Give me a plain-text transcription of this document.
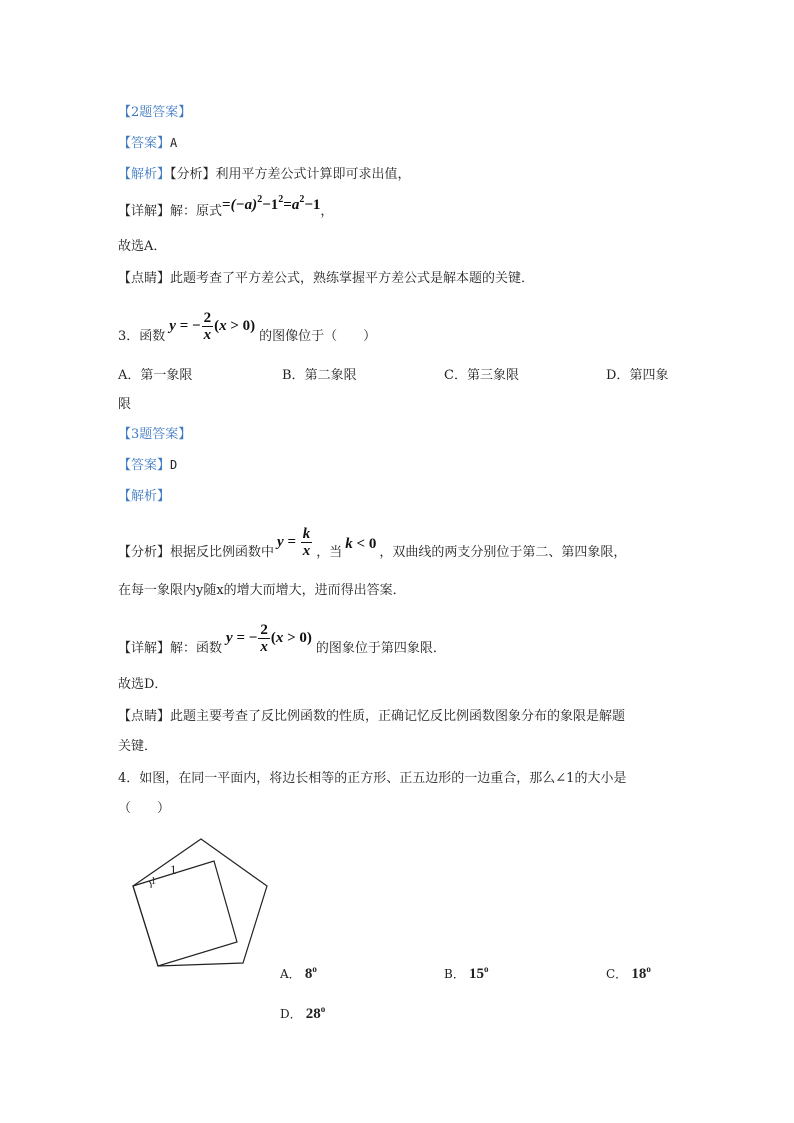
【2题答案】
【答案】A
【解析】【分析】利用平方差公式计算即可求出值，
【详解】解：原式$=(-a)^2-1^2=a^2-1$，
故选A．
【点睛】此题考查了平方差公式，熟练掌握平方差公式是解本题的关键．
3．函数y = − $\frac{2}{x} (x > 0)$的图像位于（　　）
A．第一象限	B．第二象限	C．第三象限	D．第四象
限
【3题答案】
【答案】D
【解析】
【分析】根据反比例函数中$y = \frac{k}{x}$ ，当k < 0，双曲线的两支分别位于第二、第四象限，
在每一象限内y随x的增大而增大，进而得出答案．
【详解】解：函数y = − $\frac{2}{x} (x > 0)$的图象位于第四象限．
故选D．
【点睛】此题主要考查了反比例函数的性质，正确记忆反比例函数图象分布的象限是解题
关键．
4．如图，在同一平面内，将边长相等的正方形、正五边形的一边重合，那么∠1的大小是
（　　）
1
1
A． 8$^o$	B． 15$^o$	C． 18$^o$
D． 28$^o$
